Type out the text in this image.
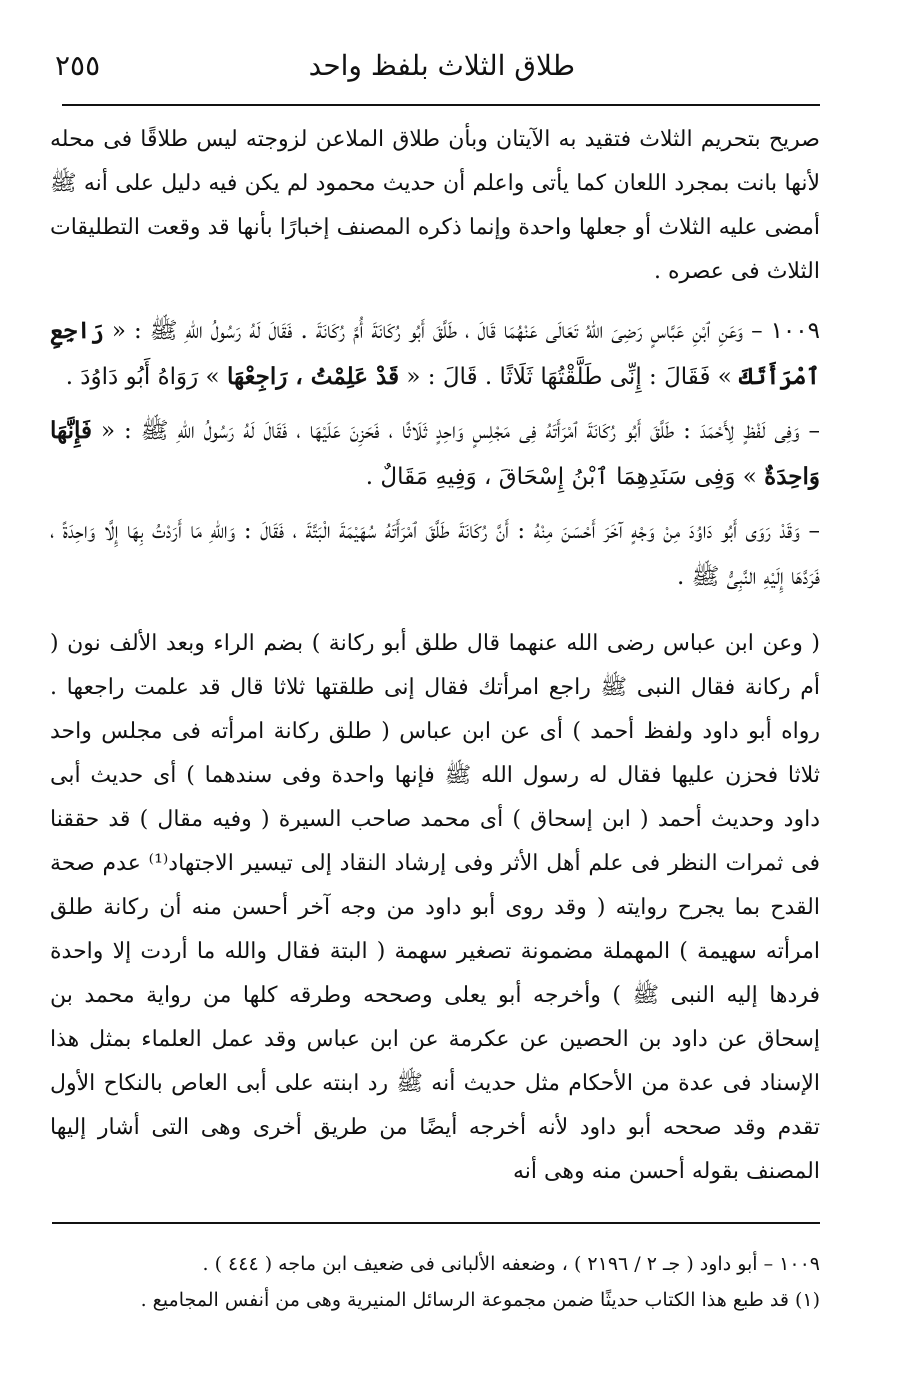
٢٥٥	طلاق الثلاث بلفظ واحد

صريح بتحريم الثلاث فتقيد به الآيتان وبأن طلاق الملاعن لزوجته ليس طلاقًا فى محله لأنها بانت بمجرد اللعان كما يأتى واعلم أن حديث محمود لم يكن فيه دليل على أنه ﷺ أمضى عليه الثلاث أو جعلها واحدة وإنما ذكره المصنف إخبارًا بأنها قد وقعت التطليقات الثلاث فى عصره .

١٠٠٩ – وَعَنِ ٱبْنِ عَبَّاسٍ رَضِىَ اللهُ تَعَالَى عَنْهُمَا قَالَ ، طَلَّقَ أَبُو رُكَانَةَ أُمَّ رُكَانَةَ . فَقَالَ لَهُ رَسُولُ اللهِ ﷺ : « رَاجِعِ ٱمْرَأَتَكَ » فَقَالَ : إِنِّى طَلَّقْتُهَا ثَلَاثًا . قَالَ : « قَدْ عَلِمْتُ ، رَاجِعْهَا » رَوَاهُ أَبُو دَاوُدَ .

– وَفِى لَفْظٍ لِأَحْمَدَ : طَلَّقَ أَبُو رُكَانَةَ ٱمْرَأَتَهُ فِى مَجْلِسٍ وَاحِدٍ ثَلَاثًا ، فَحَزِنَ عَلَيْهَا ، فَقَالَ لَهُ رَسُولُ اللهِ ﷺ : « فَإِنَّهَا وَاحِدَةٌ » وَفِى سَنَدِهِمَا ٱبْنُ إِسْحَاقَ ، وَفِيهِ مَقَالٌ .

– وَقَدْ رَوَى أَبُو دَاوُدَ مِنْ وَجْهٍ آخَرَ أَحْسَنَ مِنْهُ : أَنَّ رُكَانَةَ طَلَّقَ ٱمْرَأَتَهُ سُهَيْمَةَ الْبَتَّةَ ، فَقَالَ : وَاللهِ مَا أَرَدْتُ بِهَا إِلَّا وَاحِدَةً ، فَرَدَّهَا إِلَيْهِ النَّبِىُّ ﷺ .

( وعن ابن عباس رضى الله عنهما قال طلق أبو ركانة ) بضم الراء وبعد الألف نون ( أم ركانة فقال النبى ﷺ راجع امرأتك فقال إنى طلقتها ثلاثا قال قد علمت راجعها . رواه أبو داود ولفظ أحمد ) أى عن ابن عباس ( طلق ركانة امرأته فى مجلس واحد ثلاثا فحزن عليها فقال له رسول الله ﷺ فإنها واحدة وفى سندهما ) أى حديث أبى داود وحديث أحمد ( ابن إسحاق ) أى محمد صاحب السيرة ( وفيه مقال ) قد حققنا فى ثمرات النظر فى علم أهل الأثر وفى إرشاد النقاد إلى تيسير الاجتهاد⁽¹⁾ عدم صحة القدح بما يجرح روايته ( وقد روى أبو داود من وجه آخر أحسن منه أن ركانة طلق امرأته سهيمة ) المهملة مضمونة تصغير سهمة ( البتة فقال والله ما أردت إلا واحدة فردها إليه النبى ﷺ ) وأخرجه أبو يعلى وصححه وطرقه كلها من رواية محمد بن إسحاق عن داود بن الحصين عن عكرمة عن ابن عباس وقد عمل العلماء بمثل هذا الإسناد فى عدة من الأحكام مثل حديث أنه ﷺ رد ابنته على أبى العاص بالنكاح الأول تقدم وقد صححه أبو داود لأنه أخرجه أيضًا من طريق أخرى وهى التى أشار إليها المصنف بقوله أحسن منه وهى أنه

١٠٠٩ – أبو داود ( جـ ٢ / ٢١٩٦ ) ، وضعفه الألبانى فى ضعيف ابن ماجه ( ٤٤٤ ) .

(١) قد طبع هذا الكتاب حديثًا ضمن مجموعة الرسائل المنيرية وهى من أنفس المجاميع .
